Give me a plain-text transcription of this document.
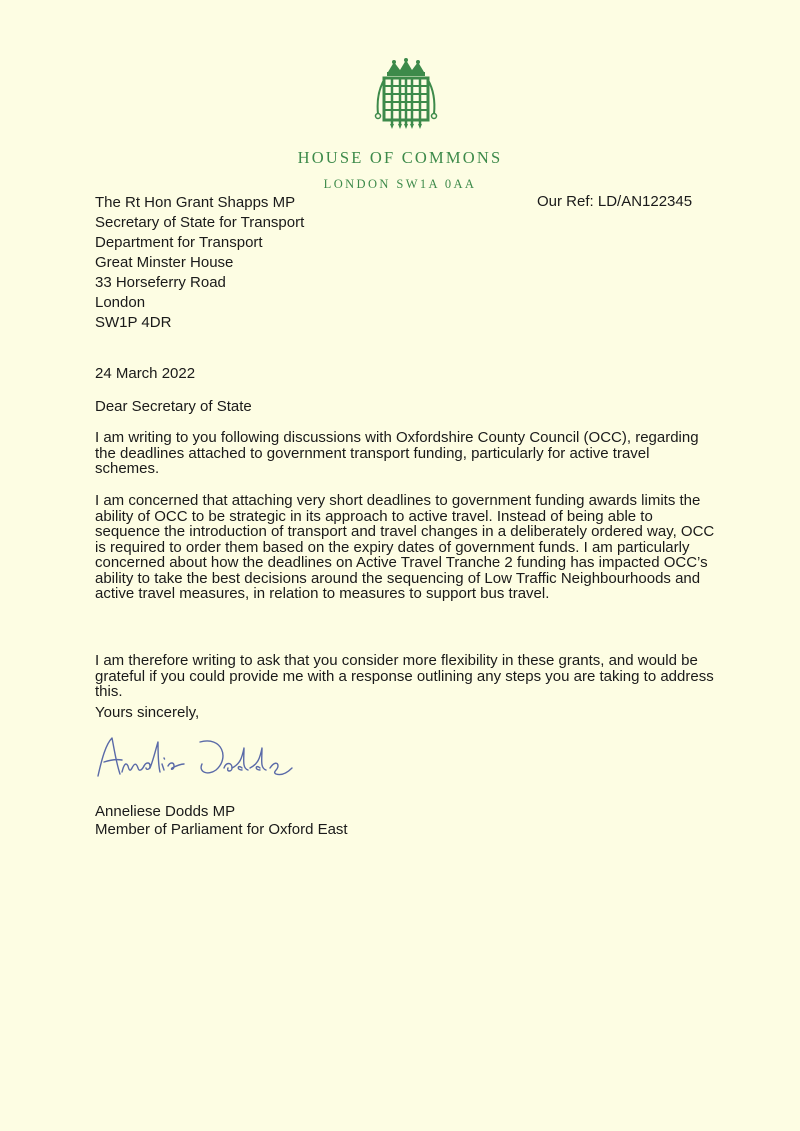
HOUSE OF COMMONS
LONDON SW1A 0AA
Our Ref: LD/AN122345
The Rt Hon Grant Shapps MP
Secretary of State for Transport
Department for Transport
Great Minster House
33 Horseferry Road
London
SW1P 4DR
24 March 2022
Dear Secretary of State
I am writing to you following discussions with Oxfordshire County Council (OCC), regarding the deadlines attached to government transport funding, particularly for active travel schemes.
I am concerned that attaching very short deadlines to government funding awards limits the ability of OCC to be strategic in its approach to active travel. Instead of being able to sequence the introduction of transport and travel changes in a deliberately ordered way, OCC is required to order them based on the expiry dates of government funds. I am particularly concerned about how the deadlines on Active Travel Tranche 2 funding has impacted OCC’s ability to take the best decisions around the sequencing of Low Traffic Neighbourhoods and active travel measures, in relation to measures to support bus travel.
I am therefore writing to ask that you consider more flexibility in these grants, and would be grateful if you could provide me with a response outlining any steps you are taking to address this.
Yours sincerely,
Anneliese Dodds MP
Member of Parliament for Oxford East
